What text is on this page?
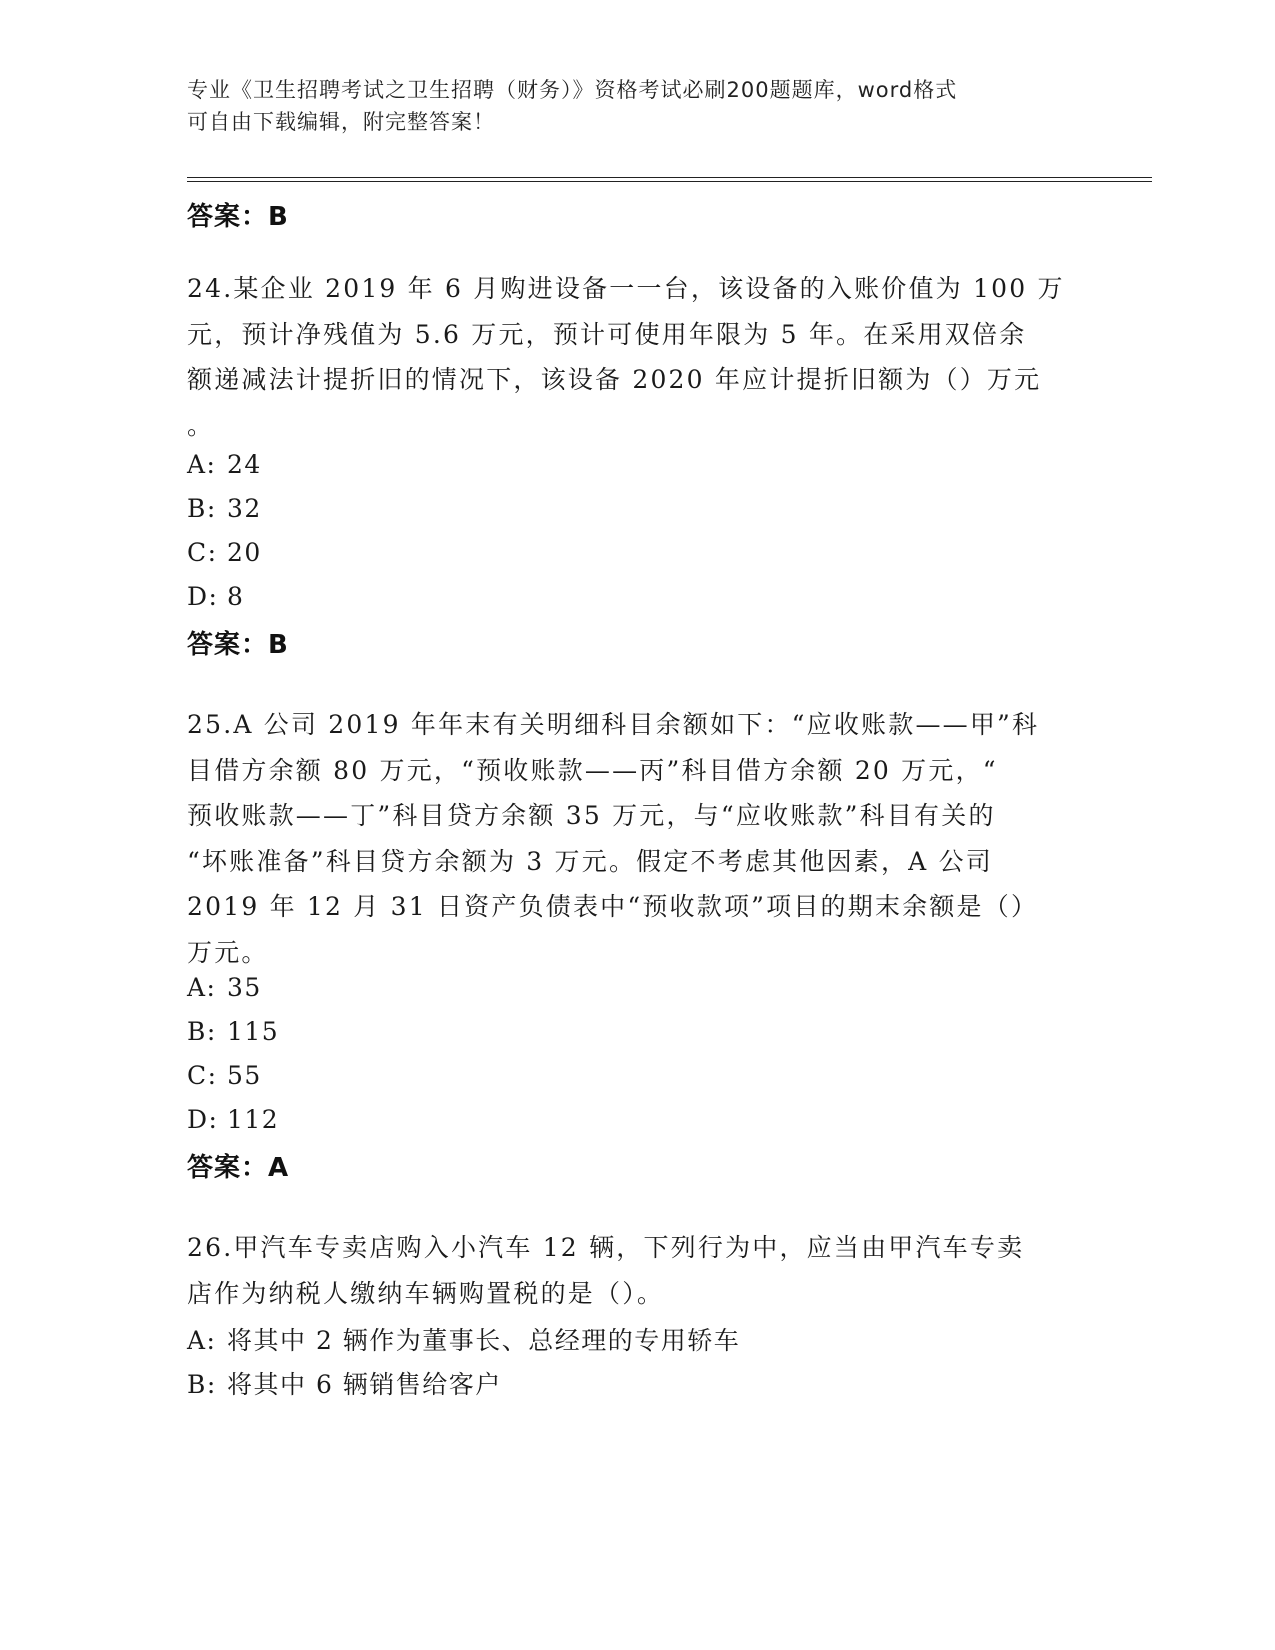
专业《卫生招聘考试之卫生招聘（财务）》资格考试必刷200题题库，word格式

可自由下载编辑，附完整答案！

答案：B

24.某企业 2019 年 6 月购进设备一一台，该设备的入账价值为 100 万

元，预计净残值为 5.6 万元，预计可使用年限为 5 年。在采用双倍余

额递减法计提折旧的情况下，该设备 2020 年应计提折旧额为（）万元

。

A: 24
B: 32
C: 20
D: 8
答案：B

25.A 公司 2019 年年末有关明细科目余额如下：“应收账款——甲”科

目借方余额 80 万元，“预收账款——丙”科目借方余额 20 万元，“

预收账款——丁”科目贷方余额 35 万元，与“应收账款”科目有关的

“坏账准备”科目贷方余额为 3 万元。假定不考虑其他因素，A 公司

2019 年 12 月 31 日资产负债表中“预收款项”项目的期末余额是（）

万元。

A: 35
B: 115
C: 55
D: 112
答案：A

26.甲汽车专卖店购入小汽车 12 辆，下列行为中，应当由甲汽车专卖

店作为纳税人缴纳车辆购置税的是（）。

A: 将其中 2 辆作为董事长、总经理的专用轿车
B: 将其中 6 辆销售给客户
